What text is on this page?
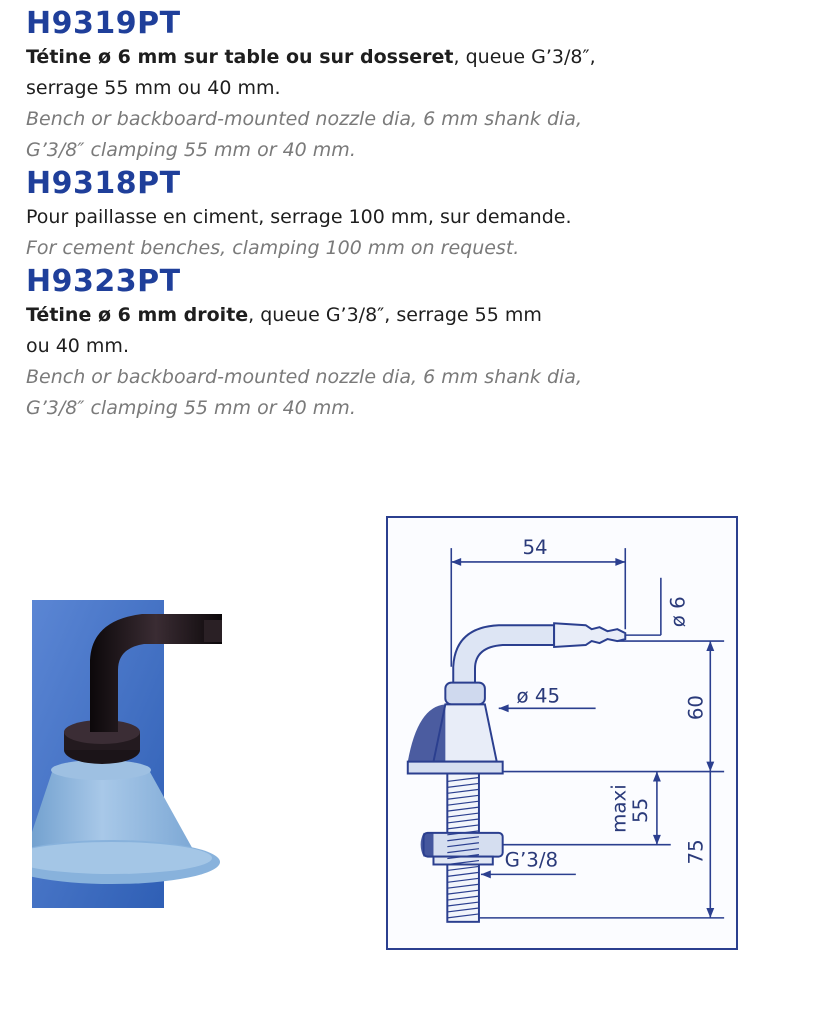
H9319PT

Tétine ø 6 mm sur table ou sur dosseret, queue G’3/8″,

serrage 55 mm ou 40 mm.

Bench or backboard-mounted nozzle dia, 6 mm shank dia,

G’3/8″ clamping 55 mm or 40 mm.

H9318PT

Pour paillasse en ciment, serrage 100 mm, sur demande.

For cement benches, clamping 100 mm on request.

H9323PT

Tétine ø 6 mm droite, queue G’3/8″, serrage 55 mm

ou 40 mm.

Bench or backboard-mounted nozzle dia, 6 mm shank dia,

G’3/8″ clamping 55 mm or 40 mm.

54
ø 6
ø 45	60
maxi
55
G’3/8	75
